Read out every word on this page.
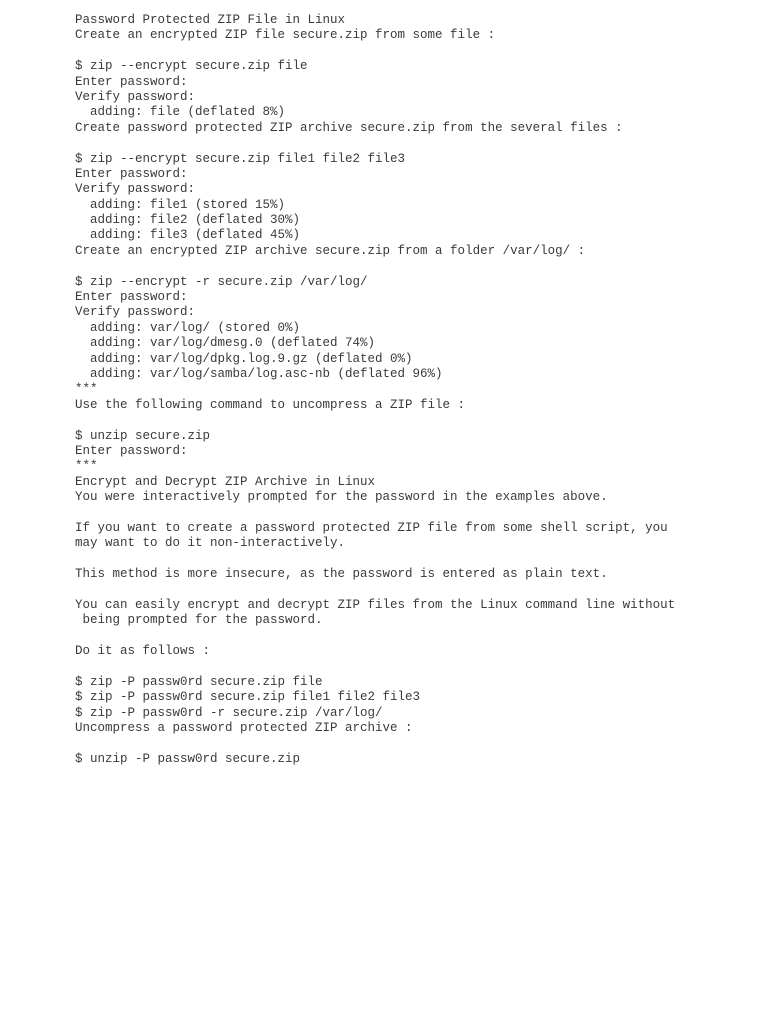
Password Protected ZIP File in Linux
Create an encrypted ZIP file secure.zip from some file :
$ zip --encrypt secure.zip file
Enter password:
Verify password:
adding: file (deflated 8%)
Create password protected ZIP archive secure.zip from the several files :
$ zip --encrypt secure.zip file1 file2 file3
Enter password:
Verify password:
adding: file1 (stored 15%)
adding: file2 (deflated 30%)
adding: file3 (deflated 45%)
Create an encrypted ZIP archive secure.zip from a folder /var/log/ :
$ zip --encrypt -r secure.zip /var/log/
Enter password:
Verify password:
adding: var/log/ (stored 0%)
adding: var/log/dmesg.0 (deflated 74%)
adding: var/log/dpkg.log.9.gz (deflated 0%)
adding: var/log/samba/log.asc-nb (deflated 96%)
***
Use the following command to uncompress a ZIP file :
$ unzip secure.zip
Enter password:
***
Encrypt and Decrypt ZIP Archive in Linux
You were interactively prompted for the password in the examples above.
If you want to create a password protected ZIP file from some shell script, you
may want to do it non-interactively.
This method is more insecure, as the password is entered as plain text.
You can easily encrypt and decrypt ZIP files from the Linux command line without
being prompted for the password.
Do it as follows :
$ zip -P passw0rd secure.zip file
$ zip -P passw0rd secure.zip file1 file2 file3
$ zip -P passw0rd -r secure.zip /var/log/
Uncompress a password protected ZIP archive :
$ unzip -P passw0rd secure.zip
